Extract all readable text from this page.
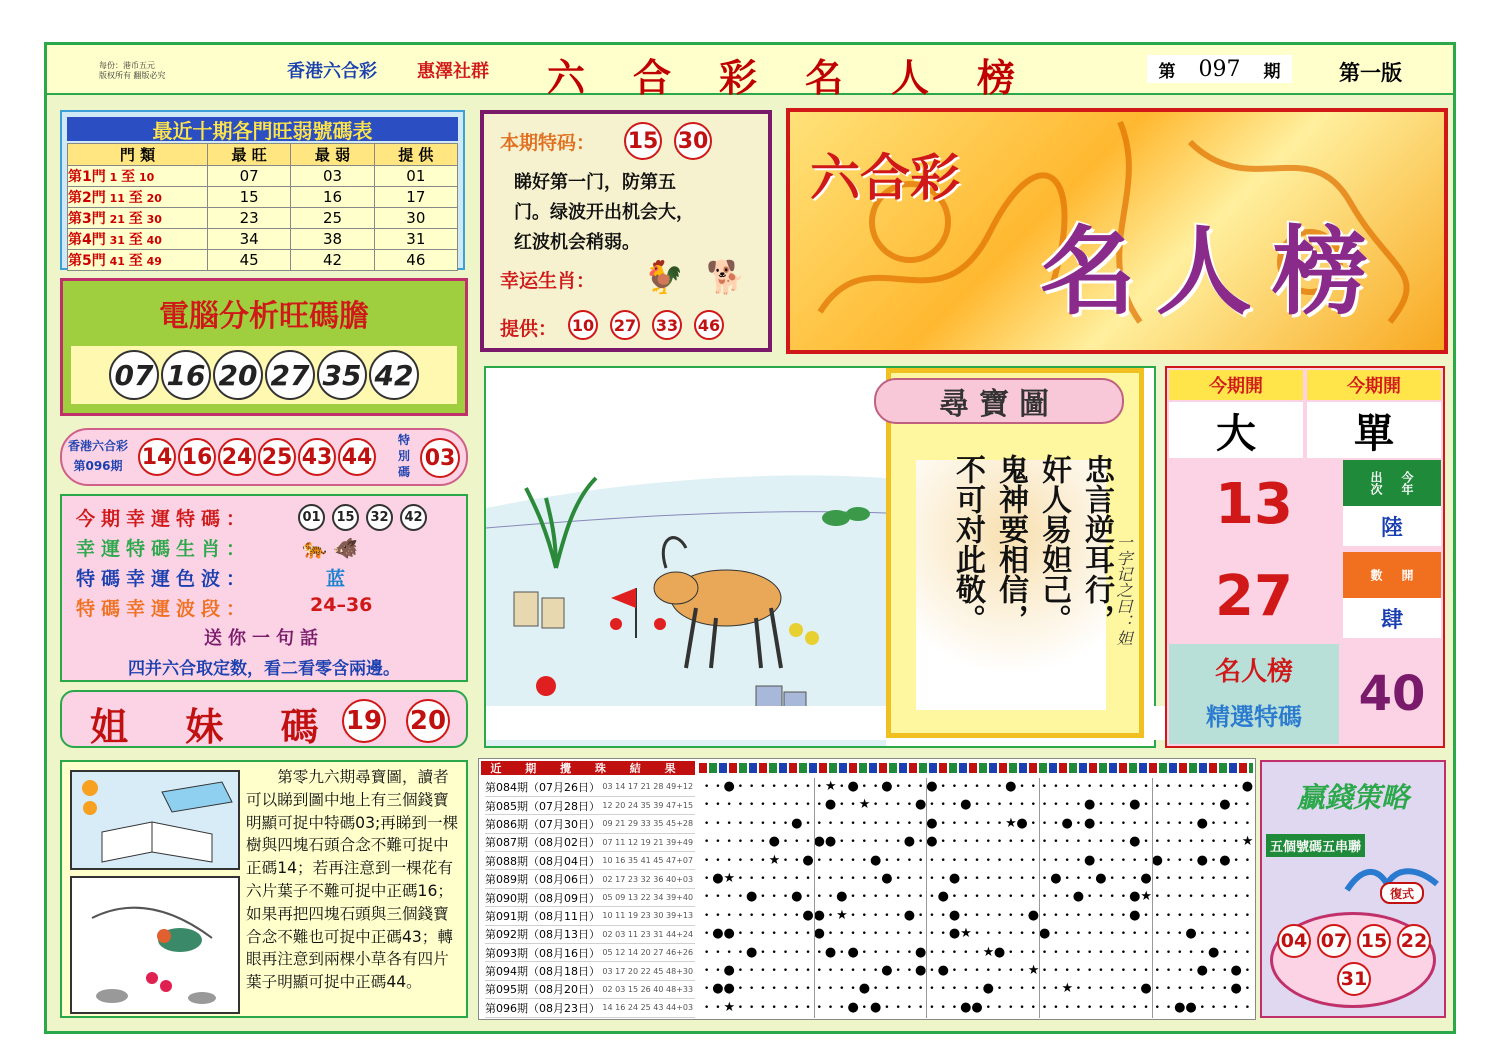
每份：港币五元
版权所有 翻版必究	香港六合彩 惠澤社群 六合彩名人榜	第 097 期	第一版
最近十期各門旺弱號碼表
門 類	最 旺	最 弱	提 供
第1門 1 至 10	07	03	01
第2門 11 至 20	15	16	17
第3門 21 至 30	23	25	30
第4門 31 至 40	34	38	31
第5門 41 至 49	45	42	46
電腦分析旺碼膽
07 16 20 27 35 42
香港六合彩
第096期 14 16 24 25 43 44
特別碼
03
今期幸運特碼：	01	15	32	42
幸運特碼生肖：	🐅 🐗
特碼幸運色波：	蓝
特碼幸運波段：	24–36
送你一句話
四并六合取定数，看二看零含兩邊。
姐 妹 碼 19 20
本期特码： 15 30
睇好第一门，防第五
门。绿波开出机会大，
红波机会稍弱。
幸运生肖： 🐓 🐕
提供： 10 27 33 46
六合彩
名人榜
尋寶圖
忠言逆耳行，
奸人易妲己。
鬼神要相信，
不可对此敬。	一字记之曰：妲
今期開	今期開
大	單
13	出次 今年
陸
27	數 開
肆
名人榜
精選特碼	40
第零九六期尋寶圖，讀者可以睇到圖中地上有三個錢寶明顯可捉中特碼03;再睇到一棵樹與四塊石頭合念不難可捉中正碼14；若再注意到一棵花有六片葉子不難可捉中正碼16；如果再把四塊石頭與三個錢寶合念不難也可捉中正碼43；轉眼再注意到兩棵小草各有四片葉子明顯可捉中正碼44。
近 期 攪 珠 結 果
第084期（07月26日）	03 14 17 21 28 49+12
第085期（07月28日）	12 20 24 35 39 47+15
第086期（07月30日）	09 21 29 33 35 45+28
第087期（08月02日）	07 11 12 19 21 39+49
第088期（08月04日）	10 16 35 41 45 47+07
第089期（08月06日）	02 17 23 32 36 40+03
第090期（08月09日）	05 09 13 22 34 39+40
第091期（08月11日）	10 11 19 23 30 39+13
第092期（08月13日）	02 03 11 23 31 44+24
第093期（08月16日）	05 12 14 20 27 46+26
第094期（08月18日）	03 17 20 22 45 48+30
第095期（08月20日）	02 03 15 26 40 48+33
第096期（08月23日）	14 16 24 25 43 44+03
• • ● • • • • • • • • ★ • ● • • ● • • • ● • • • • • • ● • • • • • • • • • • • • • • • • • • • • ●
• • • • • • • • • • • ● • • ★ • • • • ● • • • ● • • • • • • • • • • ● • • • ● • • • • • • • ● • •
• • • • • • • • ● • • • • • • • • • • • ● • • • • • • ★ ● • • • ● • ● • • • • • • • • • ● • • • •
• • • • • • ● • • • ● ● • • • • • • ● • ● • • • • • • • • • • • • • • • • • ● • • • • • • • • • ★
• • • • • • ★ • • ● • • • • • ● • • • • • • • • • • • • • • • • • • ● • • • • • ● • • • ● • ● • •
• ● ★ • • • • • • • • • • • • • ● • • • • • ● • • • • • • • • ● • • • ● • • • ● • • • • • • • • •
• • • • ● • • • ● • • • ● • • • • • • • • ● • • • • • • • • • • • ● • • • • ● ★ • • • • • • • • •
• • • • • • • • • ● ● • ★ • • • • • ● • • • ● • • • • • • ● • • • • • • • • ● • • • • • • • • • •
• ● ● • • • • • • • ● • • • • • • • • • • • ● ★ • • • • • • ● • • • • • • • • • • • • ● • • • • •
• • • • ● • • • • • • ● • ● • • • • • ● • • • • • ★ ● • • • • • • • • • • • • • • • • • • ● • • •
• • ● • • • • • • • • • • • • • ● • • ● • ● • • • • • • • ★ • • • • • • • • • • • • • • ● • • ● •
• ● ● • • • • • • • • • • • ● • • • • • • • • • • ● • • • • • • ★ • • • • • • ● • • • • • • • ● •
• • ★ • • • • • • • • • • ● • ● • • • • • • • ● ● • • • • • • • • • • • • • • • • • ● ● • • • • •
贏錢策略
五個號碼五串聯
復式
04 07 15 22
31
